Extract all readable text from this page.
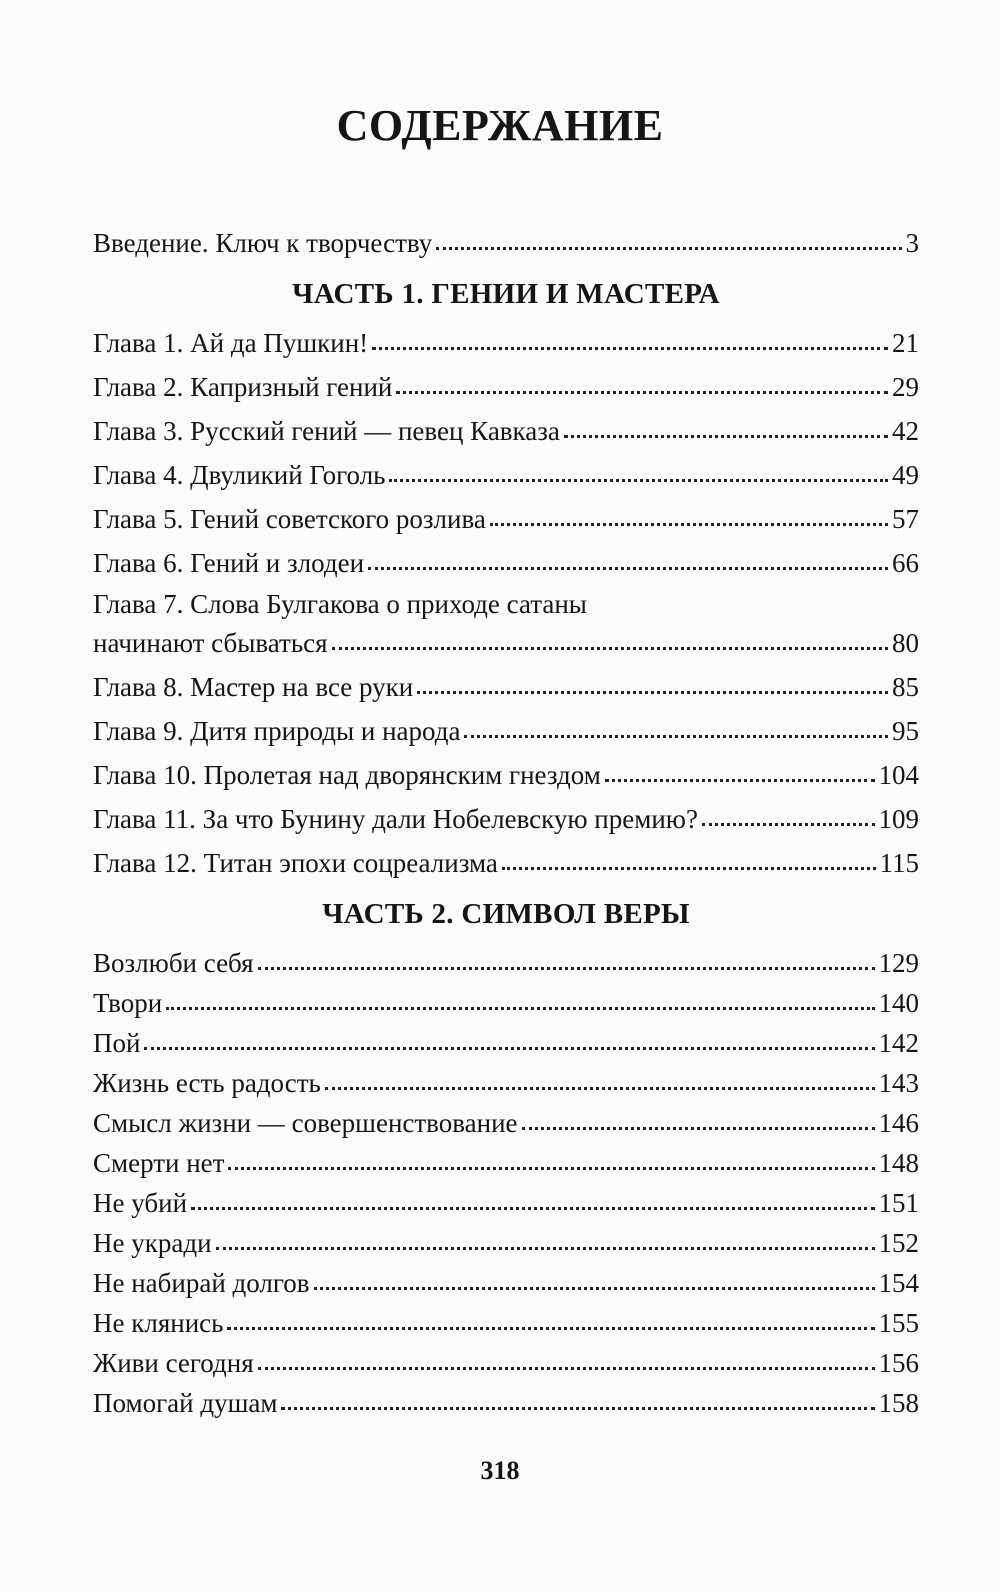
СОДЕРЖАНИЕ
Введение. Ключ к творчеству	3
ЧАСТЬ 1. ГЕНИИ И МАСТЕРА
Глава 1. Ай да Пушкин!	21
Глава 2. Капризный гений	29
Глава 3. Русский гений — певец Кавказа	42
Глава 4. Двуликий Гоголь	49
Глава 5. Гений советского розлива	57
Глава 6. Гений и злодеи	66
Глава 7. Слова Булгакова о приходе сатаны
начинают сбываться	80
Глава 8. Мастер на все руки	85
Глава 9. Дитя природы и народа	95
Глава 10. Пролетая над дворянским гнездом	104
Глава 11. За что Бунину дали Нобелевскую премию?	109
Глава 12. Титан эпохи соцреализма	115
ЧАСТЬ 2. СИМВОЛ ВЕРЫ
Возлюби себя	129
Твори	140
Пой	142
Жизнь есть радость	143
Смысл жизни — совершенствование	146
Смерти нет	148
Не убий	151
Не укради	152
Не набирай долгов	154
Не клянись	155
Живи сегодня	156
Помогай душам	158
318
